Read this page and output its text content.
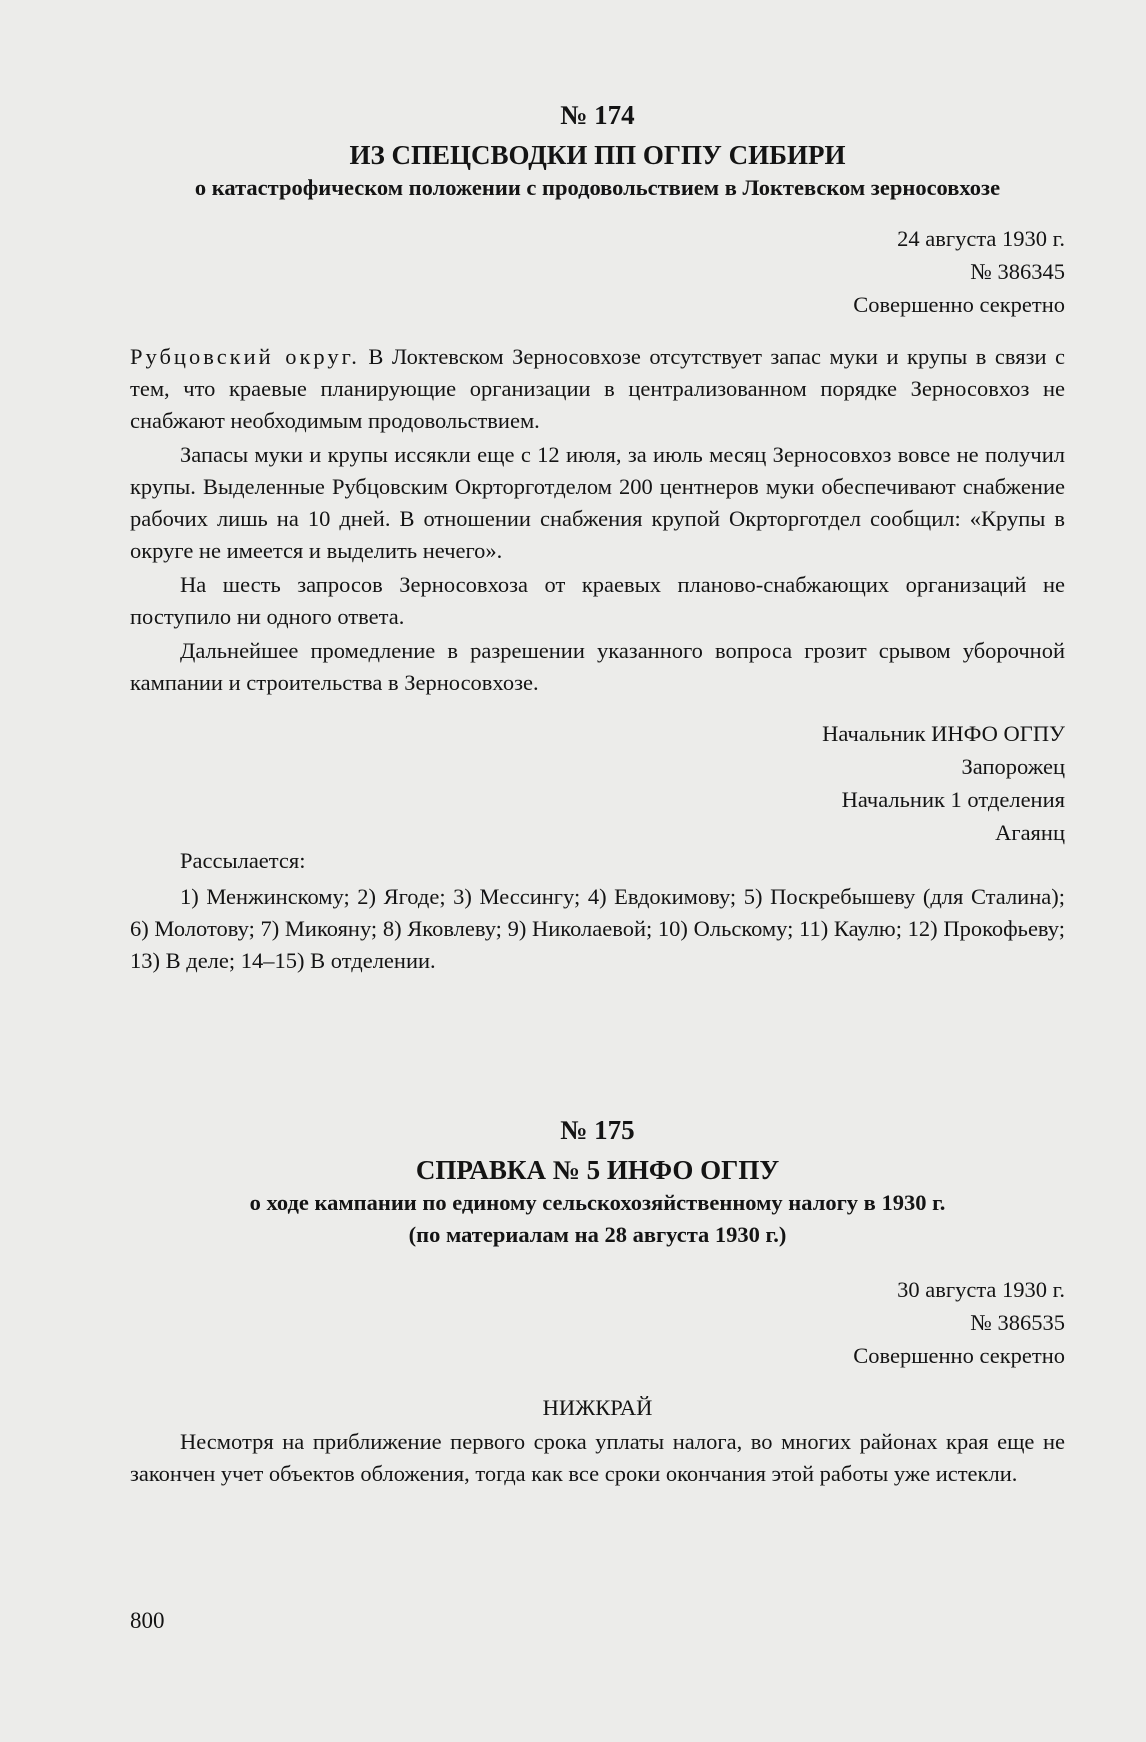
№ 174
ИЗ СПЕЦСВОДКИ ПП ОГПУ СИБИРИ
о катастрофическом положении с продовольствием в Локтевском зерносовхозе
24 августа 1930 г.
№ 386345
Совершенно секретно

Рубцовский округ. В Локтевском Зерносовхозе отсутствует запас муки и крупы в связи с тем, что краевые планирующие организации в централизованном порядке Зерносовхоз не снабжают необходимым продовольствием.

Запасы муки и крупы иссякли еще с 12 июля, за июль месяц Зерносовхоз вовсе не получил крупы. Выделенные Рубцовским Окрторготделом 200 центнеров муки обеспечивают снабжение рабочих лишь на 10 дней. В отношении снабжения крупой Окрторготдел сообщил: «Крупы в округе не имеется и выделить нечего».

На шесть запросов Зерносовхоза от краевых планово-снабжающих организаций не поступило ни одного ответа.

Дальнейшее промедление в разрешении указанного вопроса грозит срывом уборочной кампании и строительства в Зерносовхозе.

Начальник ИНФО ОГПУ
Запорожец
Начальник 1 отделения
Агаянц
Рассылается:

1) Менжинскому; 2) Ягоде; 3) Мессингу; 4) Евдокимову; 5) Поскребышеву (для Сталина); 6) Молотову; 7) Микояну; 8) Яковлеву; 9) Николаевой; 10) Ольскому; 11) Каулю; 12) Прокофьеву; 13) В деле; 14–15) В отделении.

№ 175
СПРАВКА № 5 ИНФО ОГПУ
о ходе кампании по единому сельскохозяйственному налогу в 1930 г.
(по материалам на 28 августа 1930 г.)
30 августа 1930 г.
№ 386535
Совершенно секретно
НИЖКРАЙ

Несмотря на приближение первого срока уплаты налога, во многих районах края еще не закончен учет объектов обложения, тогда как все сроки окончания этой работы уже истекли.

800
